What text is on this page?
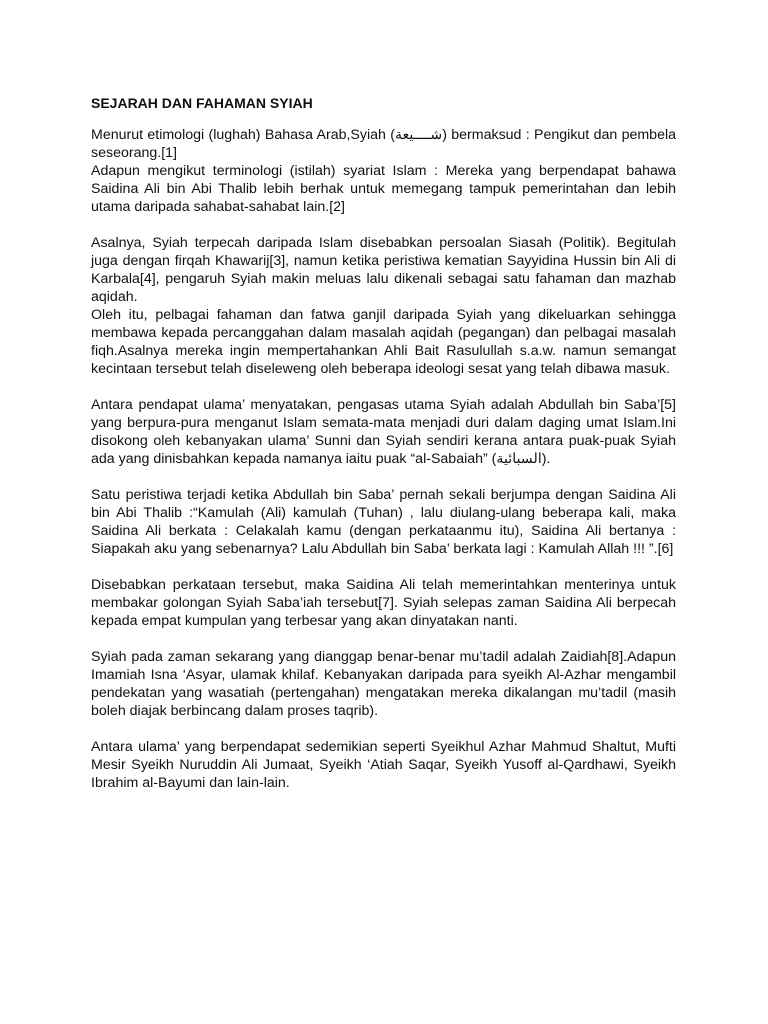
SEJARAH DAN FAHAMAN SYIAH

Menurut etimologi (lughah) Bahasa Arab,Syiah (شــــيعة) bermaksud : Pengikut dan pembela seseorang.[1]

Adapun mengikut terminologi (istilah) syariat Islam : Mereka yang berpendapat bahawa Saidina Ali bin Abi Thalib lebih berhak untuk memegang tampuk pemerintahan dan lebih utama daripada sahabat-sahabat lain.[2]

Asalnya, Syiah terpecah daripada Islam disebabkan persoalan Siasah (Politik). Begitulah juga dengan firqah Khawarij[3], namun ketika peristiwa kematian Sayyidina Hussin bin Ali di Karbala[4], pengaruh Syiah makin meluas lalu dikenali sebagai satu fahaman dan mazhab aqidah.

Oleh itu, pelbagai fahaman dan fatwa ganjil daripada Syiah yang dikeluarkan sehingga membawa kepada percanggahan dalam masalah aqidah (pegangan) dan pelbagai masalah fiqh.Asalnya mereka ingin mempertahankan Ahli Bait Rasulullah s.a.w. namun semangat kecintaan tersebut telah diseleweng oleh beberapa ideologi sesat yang telah dibawa masuk.

Antara pendapat ulama’ menyatakan, pengasas utama Syiah adalah Abdullah bin Saba’[5] yang berpura-pura menganut Islam semata-mata menjadi duri dalam daging umat Islam.Ini disokong oleh kebanyakan ulama’ Sunni dan Syiah sendiri kerana antara puak-puak Syiah ada yang dinisbahkan kepada namanya iaitu puak “al-Sabaiah” (السبائية).

Satu peristiwa terjadi ketika Abdullah bin Saba’ pernah sekali berjumpa dengan Saidina Ali bin Abi Thalib :“Kamulah (Ali) kamulah (Tuhan) , lalu diulang-ulang beberapa kali, maka Saidina Ali berkata : Celakalah kamu (dengan perkataanmu itu), Saidina Ali bertanya : Siapakah aku yang sebenarnya? Lalu Abdullah bin Saba’ berkata lagi : Kamulah Allah !!! ”.[6]

Disebabkan perkataan tersebut, maka Saidina Ali telah memerintahkan menterinya untuk membakar golongan Syiah Saba’iah tersebut[7]. Syiah selepas zaman Saidina Ali berpecah kepada empat kumpulan yang terbesar yang akan dinyatakan nanti.

Syiah pada zaman sekarang yang dianggap benar-benar mu’tadil adalah Zaidiah[8].Adapun Imamiah Isna ‘Asyar, ulamak khilaf. Kebanyakan daripada para syeikh Al-Azhar mengambil pendekatan yang wasatiah (pertengahan) mengatakan mereka dikalangan mu’tadil (masih boleh diajak berbincang dalam proses taqrib).

Antara ulama’ yang berpendapat sedemikian seperti Syeikhul Azhar Mahmud Shaltut, Mufti Mesir Syeikh Nuruddin Ali Jumaat, Syeikh ‘Atiah Saqar, Syeikh Yusoff al-Qardhawi, Syeikh Ibrahim al-Bayumi dan lain-lain.
